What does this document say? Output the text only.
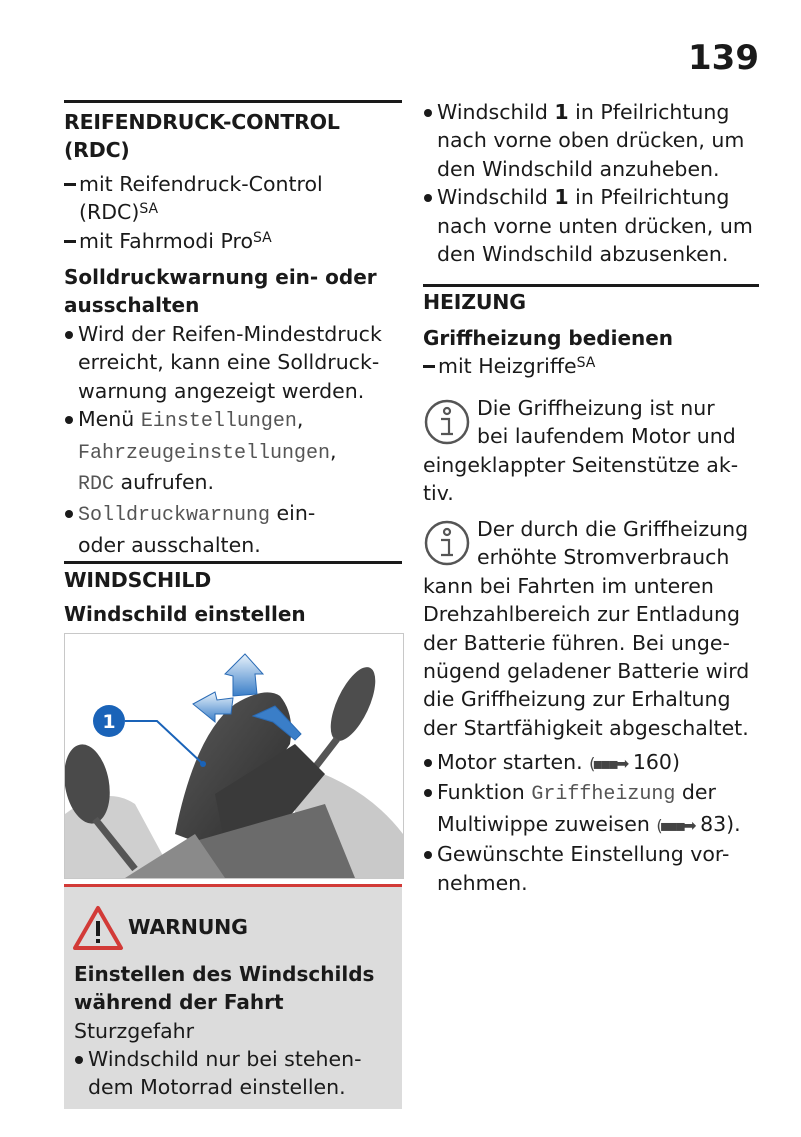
139
REIFENDRUCK-CONTROL
(RDC)
mit Reifendruck-Control
(RDC)$^{SA}$
mit Fahrmodi Pro$^{SA}$
Solldruckwarnung ein- oder
ausschalten
Wird der Reifen-Mindestdruck
erreicht, kann eine Solldruck-
warnung angezeigt werden.
Menü Einstellungen,
Fahrzeugeinstellungen,
RDC aufrufen.
Solldruckwarnung ein-
oder ausschalten.
WINDSCHILD
Windschild einstellen
1
WARNUNG
Einstellen des Windschilds
während der Fahrt
Sturzgefahr
Windschild nur bei stehen-
dem Motorrad einstellen.
Windschild 1 in Pfeilrichtung
nach vorne oben drücken, um
den Windschild anzuheben.
Windschild 1 in Pfeilrichtung
nach vorne unten drücken, um
den Windschild abzusenken.
HEIZUNG
Griffheizung bedienen
mit Heizgriffe$^{SA}$
Die Griffheizung ist nur
bei laufendem Motor und
eingeklappter Seitenstütze ak-
tiv.
Der durch die Griffheizung
erhöhte Stromverbrauch
kann bei Fahrten im unteren
Drehzahlbereich zur Entladung
der Batterie führen. Bei unge-
nügend geladener Batterie wird
die Griffheizung zur Erhaltung
der Startfähigkeit abgeschaltet.
Motor starten. (▪▪▪➡ 160)
Funktion Griffheizung der
Multiwippe zuweisen (▪▪▪➡ 83).
Gewünschte Einstellung vor-
nehmen.
